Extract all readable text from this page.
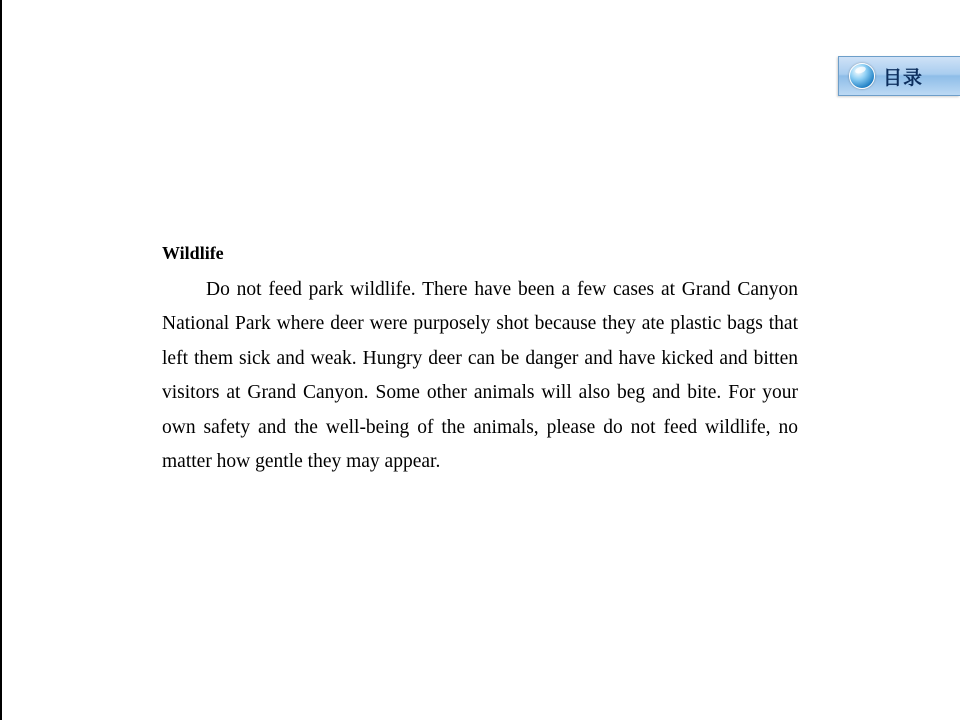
目录
Wildlife

Do not feed park wildlife. There have been a few cases at Grand Canyon National Park where deer were purposely shot because they ate plastic bags that left them sick and weak. Hungry deer can be danger and have kicked and bitten visitors at Grand Canyon. Some other animals will also beg and bite. For your own safety and the well-being of the animals, please do not feed wildlife, no matter how gentle they may appear.
